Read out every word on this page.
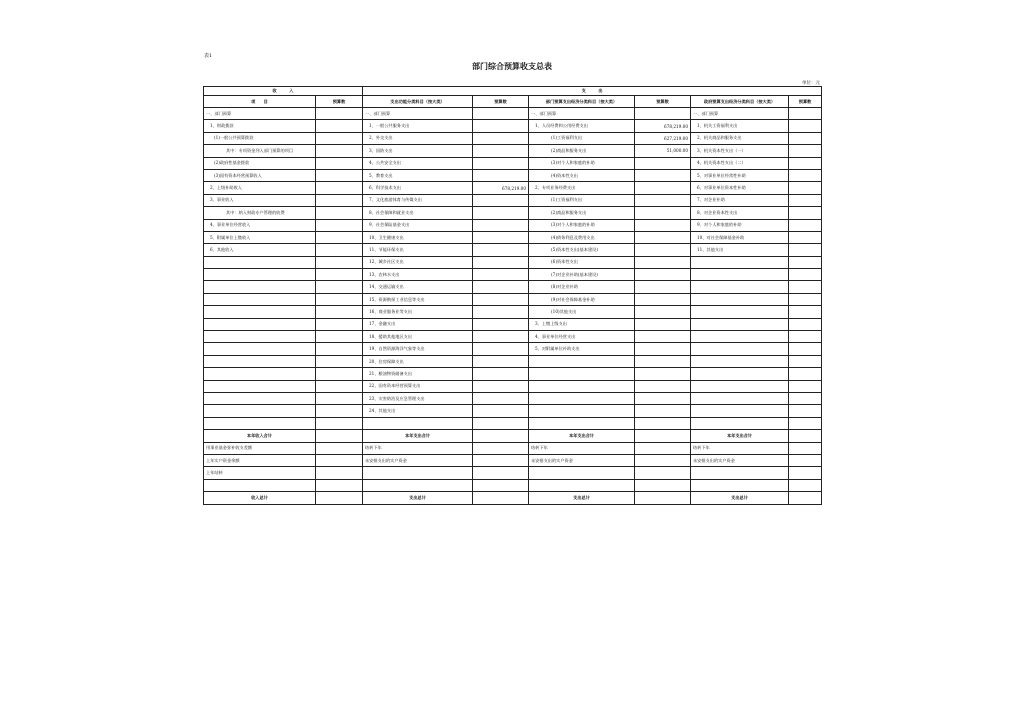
表1
部门综合预算收支总表
单位：元
收　　　入		支　　　出					
项　　目	预算数	支出功能分类科目（按大类）	预算数	部门预算支出经济分类科目（按大类）	预算数	政府预算支出经济分类科目（按大类）	预算数
一、部门预算		一、部门预算		一、部门预算		一、部门预算	
1、财政拨款		1、一般公共服务支出		1、人员经费和公用经费支出	678,219.00	1、机关工资福利支出	
(1)一般公共预算拨款		2、外交支出		(1)工资福利支出	627,219.00	2、机关商品和服务支出	
其中：专项资金列入部门预算的项目		3、国防支出		(2)商品和服务支出	51,000.00	3、机关资本性支出（一）	
(2)政府性基金拨款		4、公共安全支出		(3)对个人和家庭的补助		4、机关资本性支出（二）	
(3)国有资本经营预算收入		5、教育支出		(4)资本性支出		5、对事业单位经常性补助	
2、上级补助收入		6、科学技术支出	678,219.00	2、专项业务经费支出		6、对事业单位资本性补助	
3、事业收入		7、文化旅游体育与传媒支出		(1)工资福利支出		7、对企业补助	
其中：纳入财政专户管理的收费		8、社会保障和就业支出		(2)商品和服务支出		8、对企业资本性支出	
4、事业单位经营收入		9、社会保险基金支出		(3)对个人和家庭的补助		9、对个人和家庭的补助	
5、附属单位上缴收入		10、卫生健康支出		(4)债务利息及费用支出		10、对社会保障基金补助	
6、其他收入		11、节能环保支出		(5)资本性支出(基本建设)		11、其他支出	
		12、城乡社区支出		(6)资本性支出			
		13、农林水支出		(7)对企业补助(基本建设)			
		14、交通运输支出		(8)对企业补助			
		15、资源勘探工业信息等支出		(9)对社会保障基金补助			
		16、商业服务业等支出		(10)其他支出			
		17、金融支出		3、上缴上级支出			
		18、援助其他地区支出		4、事业单位经营支出			
		19、自然资源海洋气象等支出		5、对附属单位补助支出			
		20、住房保障支出					
		21、粮油物资储备支出					
		22、国有资本经营预算支出					
		23、灾害防治及应急管理支出					
		24、其他支出					

本年收入合计		本年支出合计		本年支出合计		本年支出合计	
用事业基金弥补收支差额		结转下年		结转下年		结转下年	
上年实户资金余额		未安排支出的实户资金		未安排支出的实户资金		未安排支出的实户资金	
上年结转							

收入总计		支出总计		支出总计		支出总计	
